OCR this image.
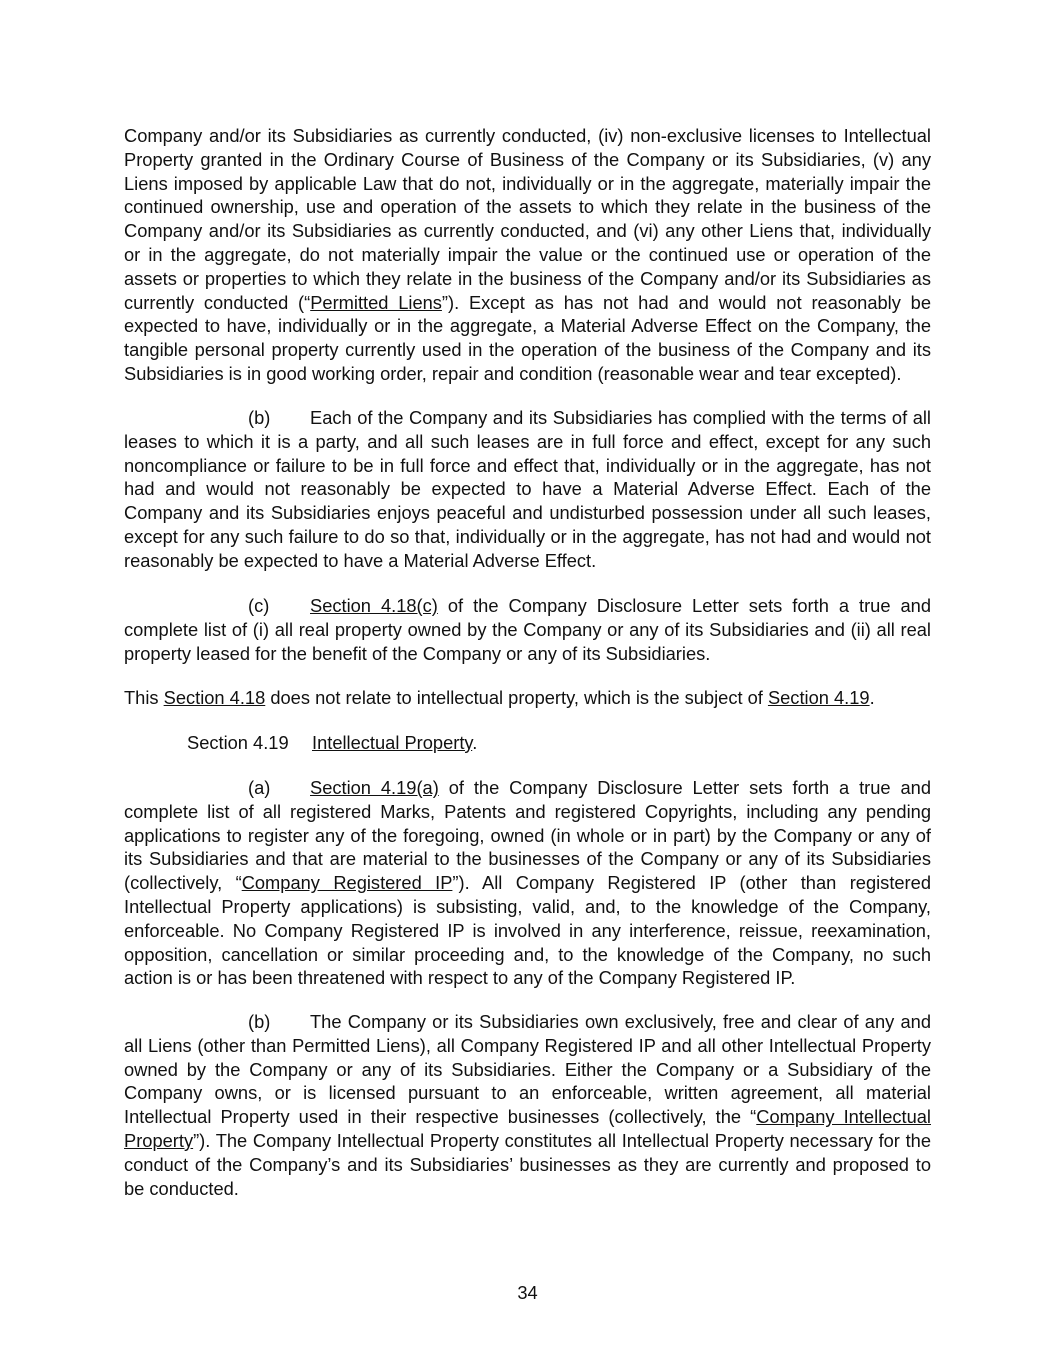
Company and/or its Subsidiaries as currently conducted, (iv) non-exclusive licenses to Intellectual Property granted in the Ordinary Course of Business of the Company or its Subsidiaries, (v) any Liens imposed by applicable Law that do not, individually or in the aggregate, materially impair the continued ownership, use and operation of the assets to which they relate in the business of the Company and/or its Subsidiaries as currently conducted, and (vi) any other Liens that, individually or in the aggregate, do not materially impair the value or the continued use or operation of the assets or properties to which they relate in the business of the Company and/or its Subsidiaries as currently conducted (“Permitted Liens”). Except as has not had and would not reasonably be expected to have, individually or in the aggregate, a Material Adverse Effect on the Company, the tangible personal property currently used in the operation of the business of the Company and its Subsidiaries is in good working order, repair and condition (reasonable wear and tear excepted).

(b) Each of the Company and its Subsidiaries has complied with the terms of all leases to which it is a party, and all such leases are in full force and effect, except for any such noncompliance or failure to be in full force and effect that, individually or in the aggregate, has not had and would not reasonably be expected to have a Material Adverse Effect. Each of the Company and its Subsidiaries enjoys peaceful and undisturbed possession under all such leases, except for any such failure to do so that, individually or in the aggregate, has not had and would not reasonably be expected to have a Material Adverse Effect.

(c) Section 4.18(c) of the Company Disclosure Letter sets forth a true and complete list of (i) all real property owned by the Company or any of its Subsidiaries and (ii) all real property leased for the benefit of the Company or any of its Subsidiaries.

This Section 4.18 does not relate to intellectual property, which is the subject of Section 4.19.

Section 4.19 Intellectual Property.

(a) Section 4.19(a) of the Company Disclosure Letter sets forth a true and complete list of all registered Marks, Patents and registered Copyrights, including any pending applications to register any of the foregoing, owned (in whole or in part) by the Company or any of its Subsidiaries and that are material to the businesses of the Company or any of its Subsidiaries (collectively, “Company Registered IP”). All Company Registered IP (other than registered Intellectual Property applications) is subsisting, valid, and, to the knowledge of the Company, enforceable. No Company Registered IP is involved in any interference, reissue, reexamination, opposition, cancellation or similar proceeding and, to the knowledge of the Company, no such action is or has been threatened with respect to any of the Company Registered IP.

(b) The Company or its Subsidiaries own exclusively, free and clear of any and all Liens (other than Permitted Liens), all Company Registered IP and all other Intellectual Property owned by the Company or any of its Subsidiaries. Either the Company or a Subsidiary of the Company owns, or is licensed pursuant to an enforceable, written agreement, all material Intellectual Property used in their respective businesses (collectively, the “Company Intellectual Property”). The Company Intellectual Property constitutes all Intellectual Property necessary for the conduct of the Company’s and its Subsidiaries’ businesses as they are currently and proposed to be conducted.

34
